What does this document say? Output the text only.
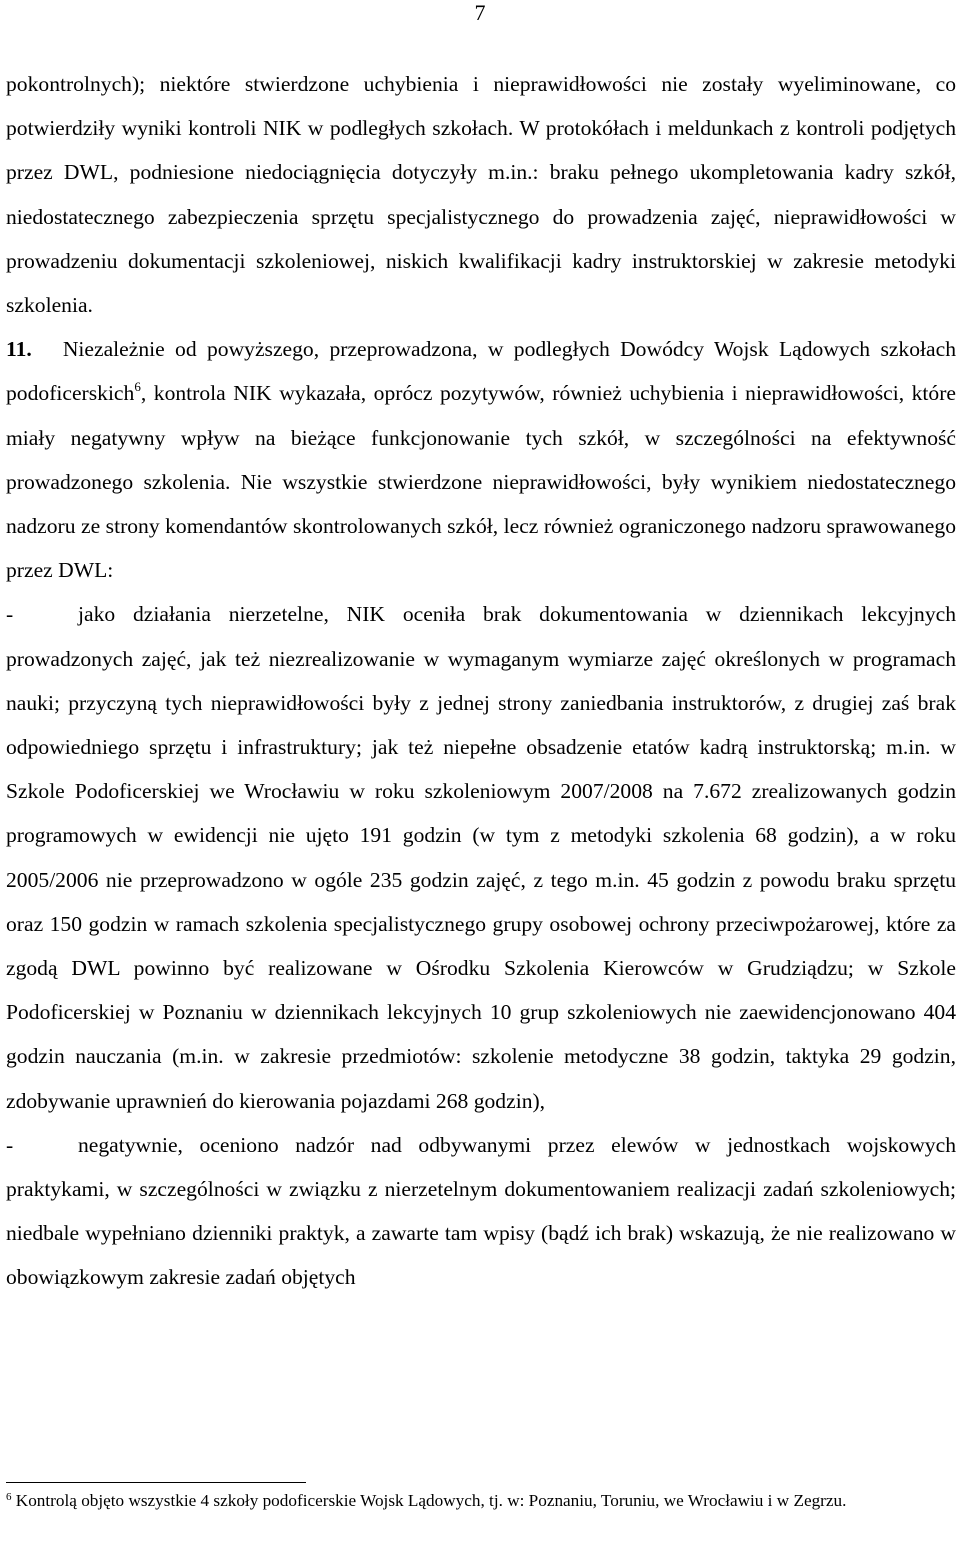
7

pokontrolnych); niektóre stwierdzone uchybienia i nieprawidłowości nie zostały wyeliminowane, co potwierdziły wyniki kontroli NIK w podległych szkołach. W protokółach i meldunkach z kontroli podjętych przez DWL, podniesione niedociągnięcia dotyczyły m.in.: braku pełnego ukompletowania kadry szkół, niedostatecznego zabezpieczenia sprzętu specjalistycznego do prowadzenia zajęć, nieprawidłowości w prowadzeniu dokumentacji szkoleniowej, niskich kwalifikacji kadry instruktorskiej w zakresie metodyki szkolenia.

11. Niezależnie od powyższego, przeprowadzona, w podległych Dowódcy Wojsk Lądowych szkołach podoficerskich$^6$, kontrola NIK wykazała, oprócz pozytywów, również uchybienia i nieprawidłowości, które miały negatywny wpływ na bieżące funkcjonowanie tych szkół, w szczególności na efektywność prowadzonego szkolenia. Nie wszystkie stwierdzone nieprawidłowości, były wynikiem niedostatecznego nadzoru ze strony komendantów skontrolowanych szkół, lecz również ograniczonego nadzoru sprawowanego przez DWL:

-	jako działania nierzetelne, NIK oceniła brak dokumentowania w dziennikach lekcyjnych prowadzonych zajęć, jak też niezrealizowanie w wymaganym wymiarze zajęć określonych w programach nauki; przyczyną tych nieprawidłowości były z jednej strony zaniedbania instruktorów, z drugiej zaś brak odpowiedniego sprzętu i infrastruktury; jak też niepełne obsadzenie etatów kadrą instruktorską; m.in. w Szkole Podoficerskiej we Wrocławiu w roku szkoleniowym 2007/2008 na 7.672 zrealizowanych godzin programowych w ewidencji nie ujęto 191 godzin (w tym z metodyki szkolenia 68 godzin), a w roku 2005/2006 nie przeprowadzono w ogóle 235 godzin zajęć, z tego m.in. 45 godzin z powodu braku sprzętu oraz 150 godzin w ramach szkolenia specjalistycznego grupy osobowej ochrony przeciwpożarowej, które za zgodą DWL powinno być realizowane w Ośrodku Szkolenia Kierowców w Grudziądzu; w Szkole Podoficerskiej w Poznaniu w dziennikach lekcyjnych 10 grup szkoleniowych nie zaewidencjonowano 404 godzin nauczania (m.in. w zakresie przedmiotów: szkolenie metodyczne 38 godzin, taktyka 29 godzin, zdobywanie uprawnień do kierowania pojazdami 268 godzin),

-	negatywnie, oceniono nadzór nad odbywanymi przez elewów w jednostkach wojskowych praktykami, w szczególności w związku z nierzetelnym dokumentowaniem realizacji zadań szkoleniowych; niedbale wypełniano dzienniki praktyk, a zawarte tam wpisy (bądź ich brak) wskazują, że nie realizowano w obowiązkowym zakresie zadań objętych

$^6$ Kontrolą objęto wszystkie 4 szkoły podoficerskie Wojsk Lądowych, tj. w: Poznaniu, Toruniu, we Wrocławiu i w Zegrzu.
